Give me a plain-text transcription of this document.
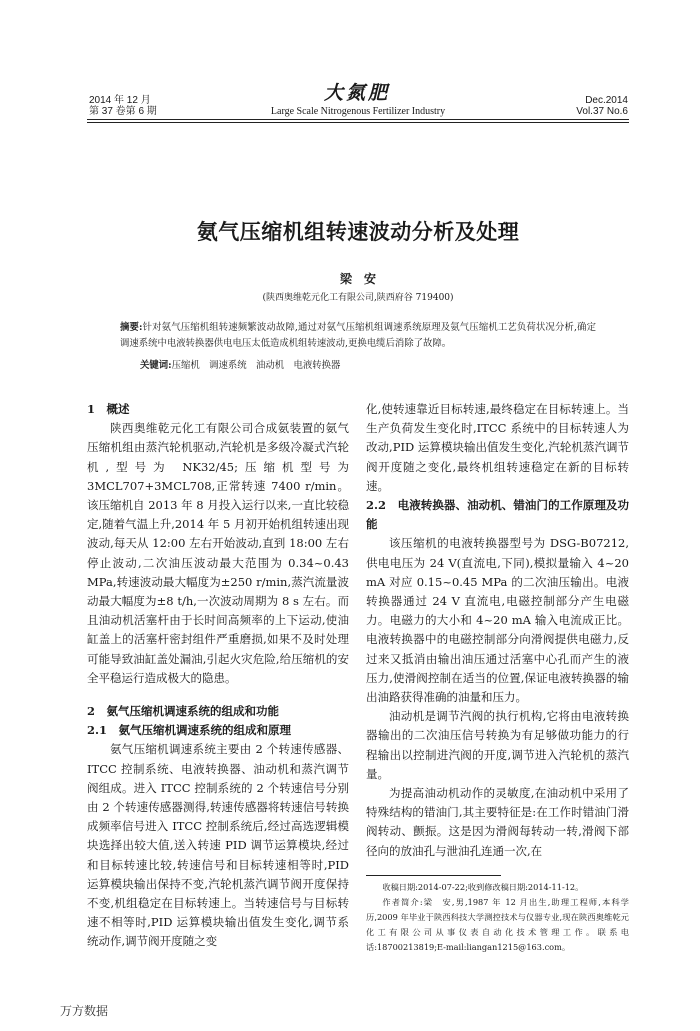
2014 年 12 月
第 37 卷第 6 期
大氮肥
Large Scale Nitrogenous Fertilizer Industry
Dec.2014
Vol.37 No.6
氨气压缩机组转速波动分析及处理
梁　安
(陕西奥维乾元化工有限公司,陕西府谷 719400)
摘要:针对氨气压缩机组转速频繁波动故障,通过对氨气压缩机组调速系统原理及氨气压缩机工艺负荷状况分析,确定调速系统中电液转换器供电电压太低造成机组转速波动,更换电缆后消除了故障。
关键词:压缩机　调速系统　油动机　电液转换器
1　概述

陕西奥维乾元化工有限公司合成氨装置的氨气压缩机组由蒸汽轮机驱动,汽轮机是多级冷凝式汽轮机,型号为 NK32/45;压缩机型号为 3MCL707+3MCL708,正常转速 7400 r/min。该压缩机自 2013 年 8 月投入运行以来,一直比较稳定,随着气温上升,2014 年 5 月初开始机组转速出现波动,每天从 12:00 左右开始波动,直到 18:00 左右停止波动,二次油压波动最大范围为 0.34~0.43 MPa,转速波动最大幅度为±250 r/min,蒸汽流量波动最大幅度为±8 t/h,一次波动周期为 8 s 左右。而且油动机活塞杆由于长时间高频率的上下运动,使油缸盖上的活塞杆密封组件严重磨损,如果不及时处理可能导致油缸盖处漏油,引起火灾危险,给压缩机的安全平稳运行造成极大的隐患。

2　氨气压缩机调速系统的组成和功能
2.1　氨气压缩机调速系统的组成和原理

氨气压缩机调速系统主要由 2 个转速传感器、ITCC 控制系统、电液转换器、油动机和蒸汽调节阀组成。进入 ITCC 控制系统的 2 个转速信号分别由 2 个转速传感器测得,转速传感器将转速信号转换成频率信号进入 ITCC 控制系统后,经过高选逻辑模块选择出较大值,送入转速 PID 调节运算模块,经过和目标转速比较,转速信号和目标转速相等时,PID 运算模块输出保持不变,汽轮机蒸汽调节阀开度保持不变,机组稳定在目标转速上。当转速信号与目标转速不相等时,PID 运算模块输出值发生变化,调节系统动作,调节阀开度随之变

化,使转速靠近目标转速,最终稳定在目标转速上。当生产负荷发生变化时,ITCC 系统中的目标转速人为改动,PID 运算模块输出值发生变化,汽轮机蒸汽调节阀开度随之变化,最终机组转速稳定在新的目标转速。

2.2　电液转换器、油动机、错油门的工作原理及功能

该压缩机的电液转换器型号为 DSG-B07212,供电电压为 24 V(直流电,下同),模拟量输入 4~20 mA 对应 0.15~0.45 MPa 的二次油压输出。电液转换器通过 24 V 直流电,电磁控制部分产生电磁力。电磁力的大小和 4~20 mA 输入电流成正比。电液转换器中的电磁控制部分向滑阀提供电磁力,反过来又抵消由输出油压通过活塞中心孔而产生的液压力,使滑阀控制在适当的位置,保证电液转换器的输出油路获得准确的油量和压力。

油动机是调节汽阀的执行机构,它将由电液转换器输出的二次油压信号转换为有足够做功能力的行程输出以控制进汽阀的开度,调节进入汽轮机的蒸汽量。

为提高油动机动作的灵敏度,在油动机中采用了特殊结构的错油门,其主要特征是:在工作时错油门滑阀转动、颤振。这是因为滑阀每转动一转,滑阀下部径向的放油孔与泄油孔连通一次,在

收稿日期:2014-07-22;收到修改稿日期:2014-11-12。

作者简介:梁　安,男,1987 年 12 月出生,助理工程师,本科学历,2009 年毕业于陕西科技大学测控技术与仪器专业,现在陕西奥维乾元化工有限公司从事仪表自动化技术管理工作。联系电话:18700213819;E-mail:liangan1215@163.com。

万方数据
